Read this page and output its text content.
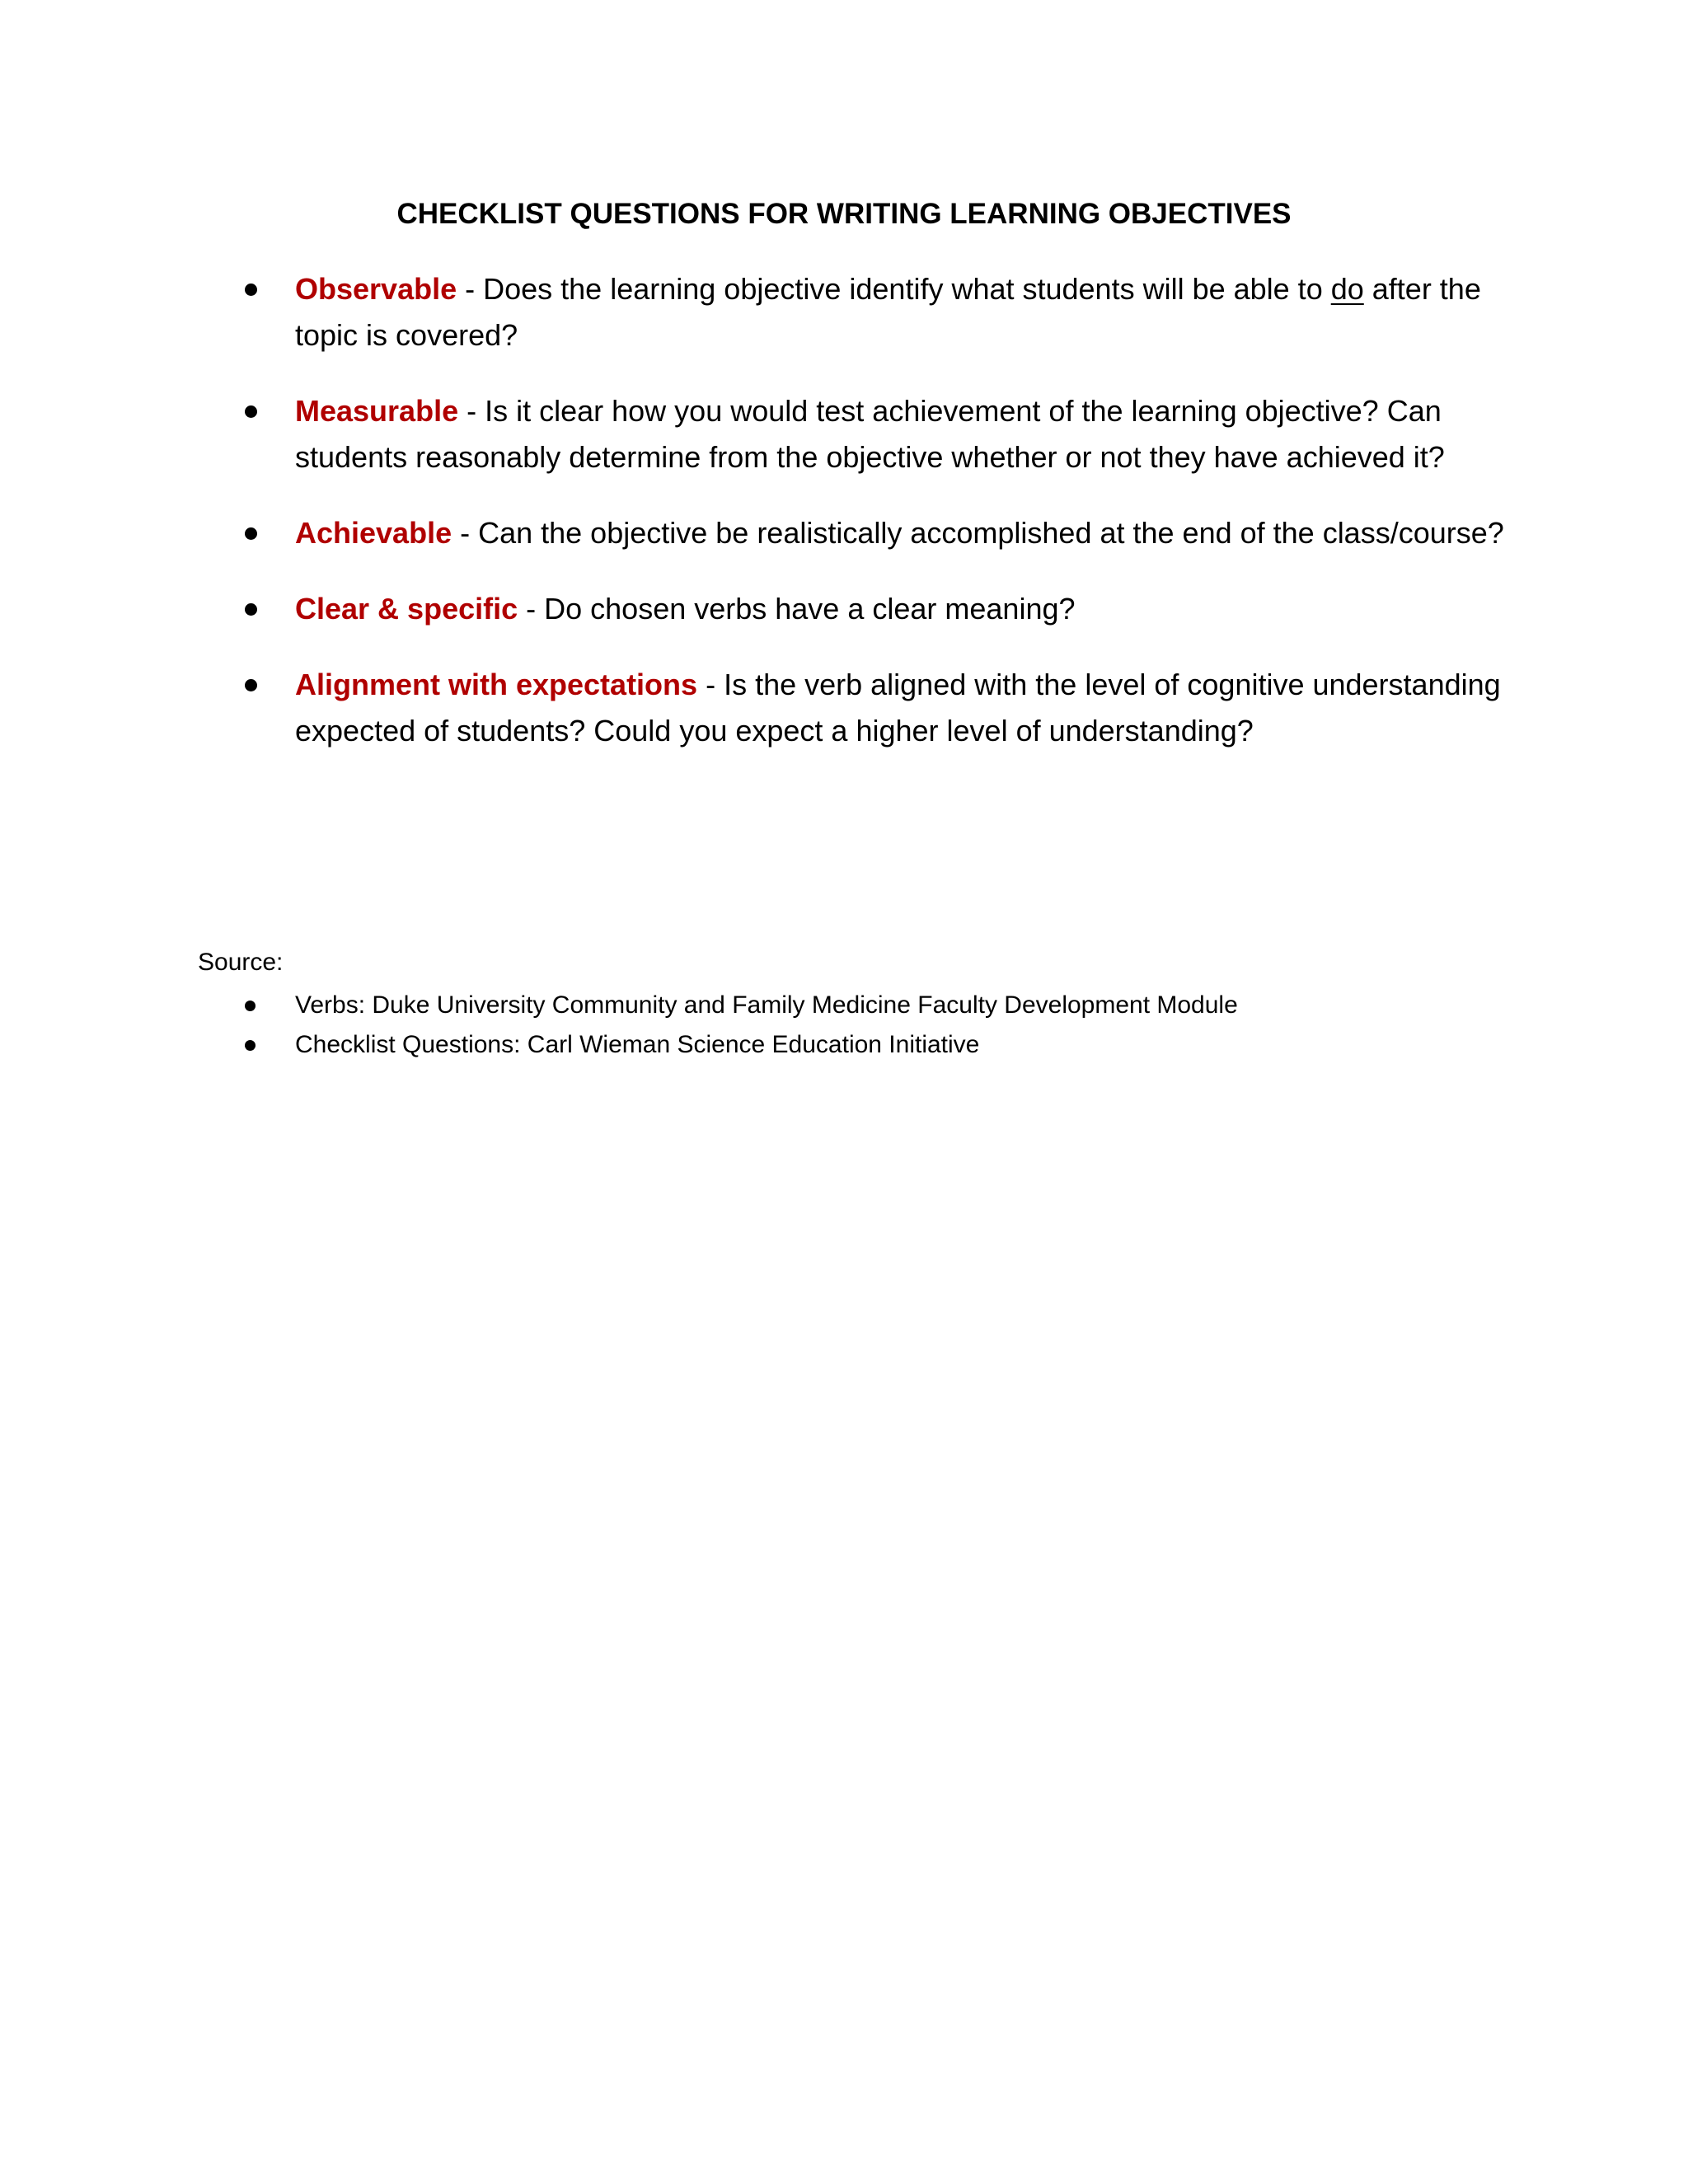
CHECKLIST QUESTIONS FOR WRITING LEARNING OBJECTIVES
Observable - Does the learning objective identify what students will be able to do after the topic is covered?
Measurable - Is it clear how you would test achievement of the learning objective? Can students reasonably determine from the objective whether or not they have achieved it?
Achievable - Can the objective be realistically accomplished at the end of the class/course?
Clear & specific - Do chosen verbs have a clear meaning?
Alignment with expectations - Is the verb aligned with the level of cognitive understanding expected of students? Could you expect a higher level of understanding?
Source:
Verbs: Duke University Community and Family Medicine Faculty Development Module
Checklist Questions: Carl Wieman Science Education Initiative
